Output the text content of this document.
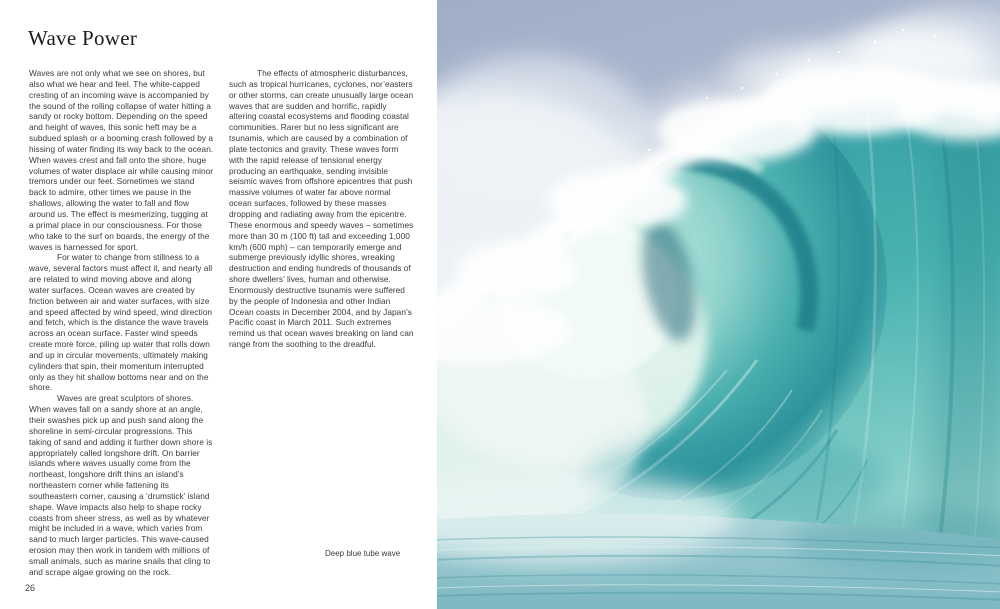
Wave Power

Waves are not only what we see on shores, but also what we hear and feel. The white-capped cresting of an incoming wave is accompanied by the sound of the rolling collapse of water hitting a sandy or rocky bottom. Depending on the speed and height of waves, this sonic heft may be a subdued splash or a booming crash followed by a hissing of water finding its way back to the ocean. When waves crest and fall onto the shore, huge volumes of water displace air while causing minor tremors under our feet. Sometimes we stand back to admire, other times we pause in the shallows, allowing the water to fall and flow around us. The effect is mesmerizing, tugging at a primal place in our consciousness. For those who take to the surf on boards, the energy of the waves is harnessed for sport.

For water to change from stillness to a wave, several factors must affect it, and nearly all are related to wind moving above and along water surfaces. Ocean waves are created by friction between air and water surfaces, with size and speed affected by wind speed, wind direction and fetch, which is the distance the wave travels across an ocean surface. Faster wind speeds create more force, piling up water that rolls down and up in circular movements, ultimately making cylinders that spin, their momentum interrupted only as they hit shallow bottoms near and on the shore.

Waves are great sculptors of shores. When waves fall on a sandy shore at an angle, their swashes pick up and push sand along the shoreline in semi-circular progressions. This taking of sand and adding it further down shore is appropriately called longshore drift. On barrier islands where waves usually come from the northeast, longshore drift thins an island’s northeastern corner while fattening its southeastern corner, causing a ‘drumstick’ island shape. Wave impacts also help to shape rocky coasts from sheer stress, as well as by whatever might be included in a wave, which varies from sand to much larger particles. This wave-caused erosion may then work in tandem with millions of small animals, such as marine snails that cling to and scrape algae growing on the rock.

The effects of atmospheric disturbances, such as tropical hurricanes, cyclones, nor’easters or other storms, can create unusually large ocean waves that are sudden and horrific, rapidly altering coastal ecosystems and flooding coastal communities. Rarer but no less significant are tsunamis, which are caused by a combination of plate tectonics and gravity. These waves form with the rapid release of tensional energy producing an earthquake, sending invisible seismic waves from offshore epicentres that push massive volumes of water far above normal ocean surfaces, followed by these masses dropping and radiating away from the epicentre. These enormous and speedy waves – sometimes more than 30 m (100 ft) tall and exceeding 1,000 km/h (600 mph) – can temporarily emerge and submerge previously idyllic shores, wreaking destruction and ending hundreds of thousands of shore dwellers’ lives, human and otherwise. Enormously destructive tsunamis were suffered by the people of Indonesia and other Indian Ocean coasts in December 2004, and by Japan’s Pacific coast in March 2011. Such extremes remind us that ocean waves breaking on land can range from the soothing to the dreadful.

Deep blue tube wave
26
